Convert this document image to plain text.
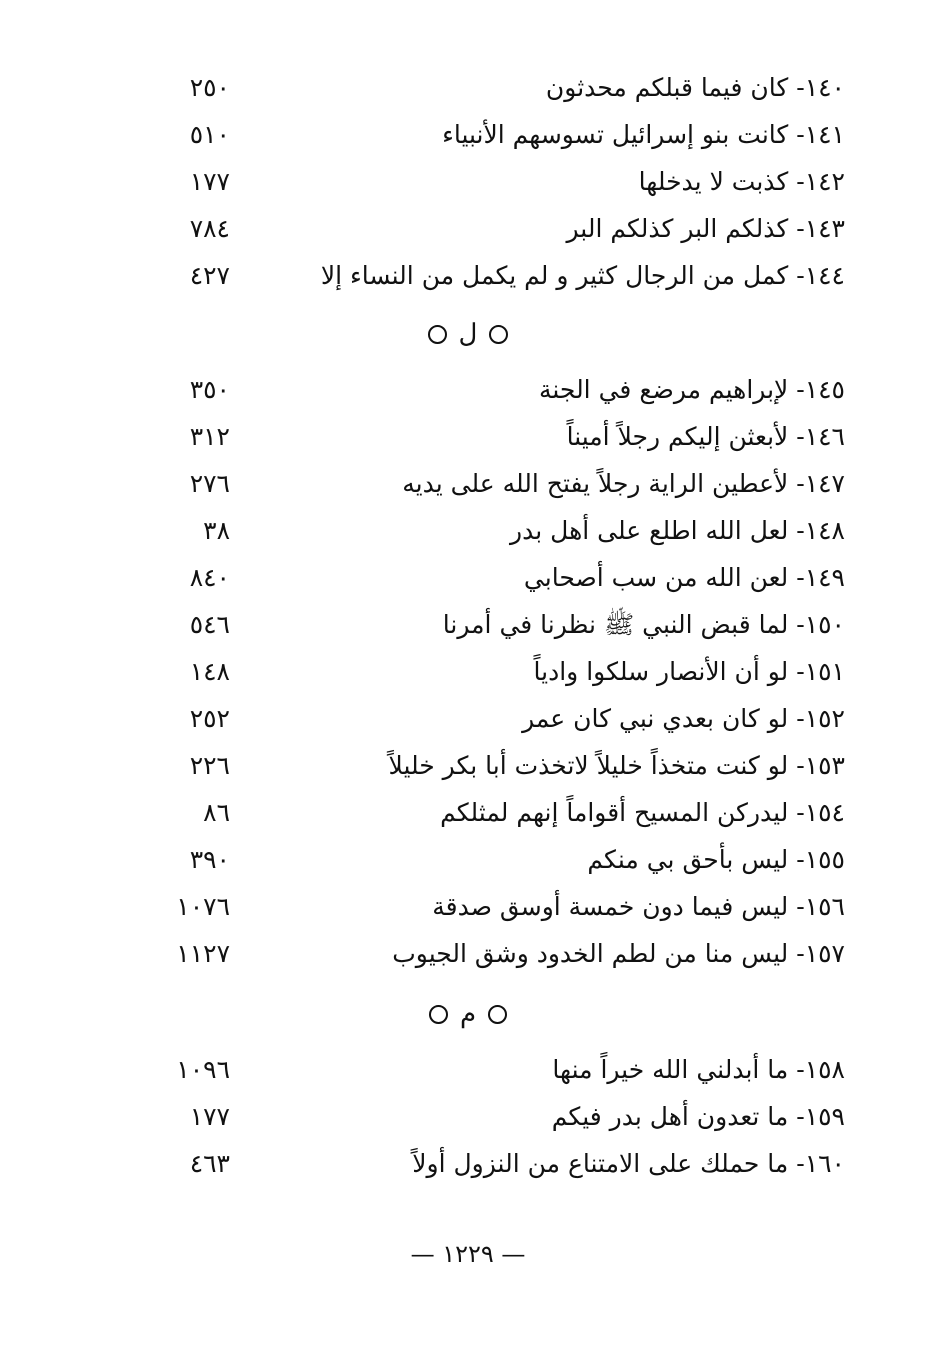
١٤٠- كان فيما قبلكم محدثون
٢٥٠
١٤١- كانت بنو إسرائيل تسوسهم الأنبياء
٥١٠
١٤٢- كذبت لا يدخلها
١٧٧
١٤٣- كذلكم البر كذلكم البر
٧٨٤
١٤٤- كمل من الرجال كثير و لم يكمل من النساء إلا
٤٢٧
ل
١٤٥- لإبراهيم مرضع في الجنة
٣٥٠
١٤٦- لأبعثن إليكم رجلاً أميناً
٣١٢
١٤٧- لأعطين الراية رجلاً يفتح الله على يديه
٢٧٦
١٤٨- لعل الله اطلع على أهل بدر
٣٨
١٤٩- لعن الله من سب أصحابي
٨٤٠
١٥٠- لما قبض النبي ﷺ نظرنا في أمرنا
٥٤٦
١٥١- لو أن الأنصار سلكوا وادياً
١٤٨
١٥٢- لو كان بعدي نبي كان عمر
٢٥٢
١٥٣- لو كنت متخذاً خليلاً لاتخذت أبا بكر خليلاً
٢٢٦
١٥٤- ليدركن المسيح أقواماً إنهم لمثلكم
٨٦
١٥٥- ليس بأحق بي منكم
٣٩٠
١٥٦- ليس فيما دون خمسة أوسق صدقة
١٠٧٦
١٥٧- ليس منا من لطم الخدود وشق الجيوب
١١٢٧
م
١٥٨- ما أبدلني الله خيراً منها
١٠٩٦
١٥٩- ما تعدون أهل بدر فيكم
١٧٧
١٦٠- ما حملك على الامتناع من النزول أولاً
٤٦٣
— ١٢٢٩ —
